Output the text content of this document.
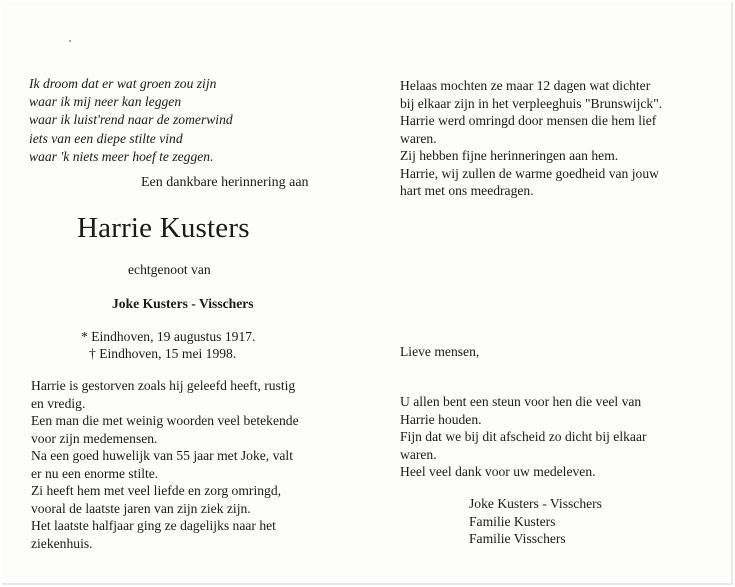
Ik droom dat er wat groen zou zijn
waar ik mij neer kan leggen
waar ik luist'rend naar de zomerwind
iets van een diepe stilte vind
waar 'k niets meer hoef te zeggen.
Een dankbare herinnering aan
Harrie Kusters
echtgenoot van
Joke Kusters - Visschers
* Eindhoven, 19 augustus 1917.
† Eindhoven, 15 mei 1998.
Harrie is gestorven zoals hij geleefd heeft, rustig
en vredig.
Een man die met weinig woorden veel betekende
voor zijn medemensen.
Na een goed huwelijk van 55 jaar met Joke, valt
er nu een enorme stilte.
Zi heeft hem met veel liefde en zorg omringd,
vooral de laatste jaren van zijn ziek zijn.
Het laatste halfjaar ging ze dagelijks naar het
ziekenhuis.
Helaas mochten ze maar 12 dagen wat dichter
bij elkaar zijn in het verpleeghuis "Brunswijck".
Harrie werd omringd door mensen die hem lief
waren.
Zij hebben fijne herinneringen aan hem.
Harrie, wij zullen de warme goedheid van jouw
hart met ons meedragen.
Lieve mensen,
U allen bent een steun voor hen die veel van
Harrie houden.
Fijn dat we bij dit afscheid zo dicht bij elkaar
waren.
Heel veel dank voor uw medeleven.
Joke Kusters - Visschers
Familie Kusters
Familie Visschers
